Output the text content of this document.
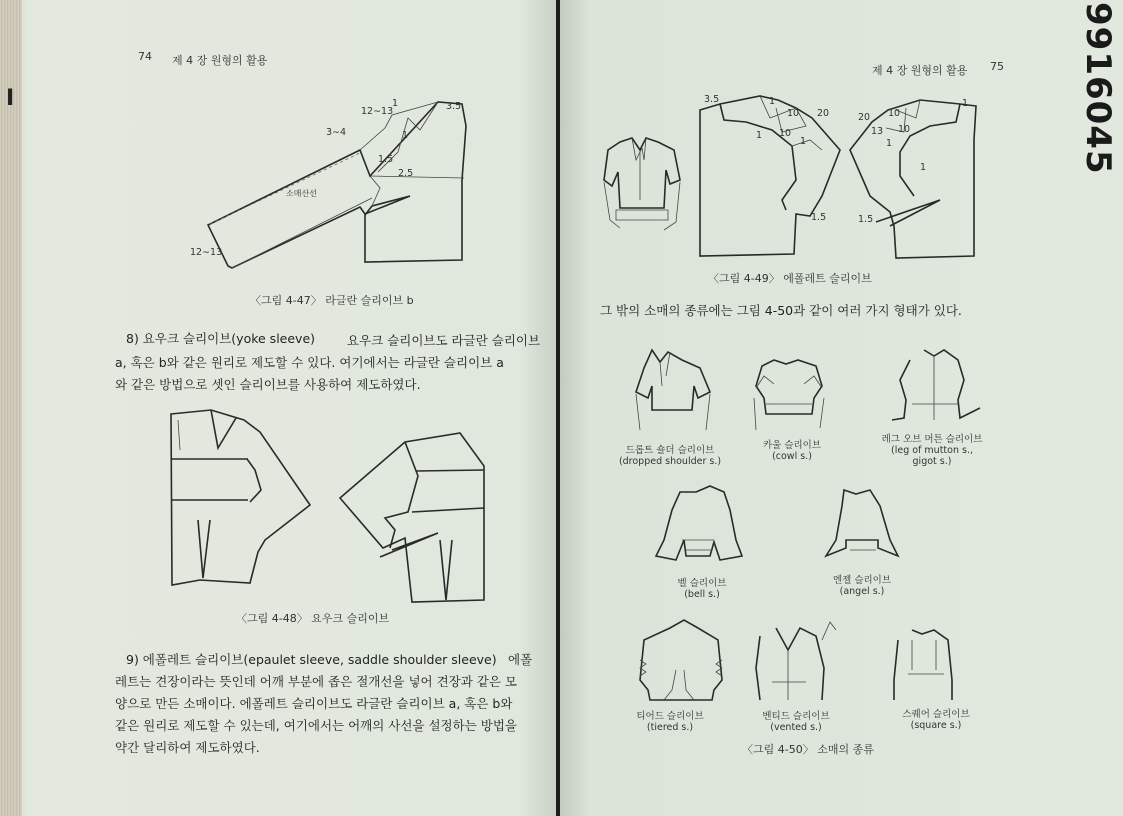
I
74 제 4 장 원형의 활용
12∼13
1	3.5
3∼4	1
1.5
2.5
소매산선
12∼13
〈그림 4-47〉 라글란 슬리이브 b
8) 요우크 슬리이브(yoke sleeve)	요우크 슬리이브도 라글란 슬리이브
a, 혹은 b와 같은 원리로 제도할 수 있다. 여기에서는 라글란 슬리이브 a
와 같은 방법으로 셋인 슬리이브를 사용하여 제도하였다.
〈그림 4-48〉 요우크 슬리이브
9) 에폴레트 슬리이브(epaulet sleeve, saddle shoulder sleeve) 에폴
레트는 견장이라는 뜻인데 어깨 부분에 좁은 절개선을 넣어 견장과 같은 모
양으로 만든 소매이다. 에폴레트 슬리이브도 라글란 슬리이브 a, 혹은 b와
같은 원리로 제도할 수 있는데, 여기에서는 어깨의 사선을 설정하는 방법을
약간 달리하여 제도하였다.
제 4 장 원형의 활용 75 9916045
3.5	1
10 20
1 10
1
1.5
20 10
1
13 10
1
1
1.5
〈그림 4-49〉 에폴레트 슬리이브
그 밖의 소매의 종류에는 그림 4-50과 같이 여러 가지 형태가 있다.
드롭트 숄더 슬리이브
(dropped shoulder s.)
카울 슬리이브
(cowl s.)
레그 오브 머튼 슬리이브
(leg of mutton s.,
gigot s.)
벨 슬리이브
(bell s.)
엔젤 슬리이브
(angel s.)
티어드 슬리이브
(tiered s.)
벤티드 슬리이브
(vented s.)
스퀘어 슬리이브
(square s.)
〈그림 4-50〉 소매의 종류
